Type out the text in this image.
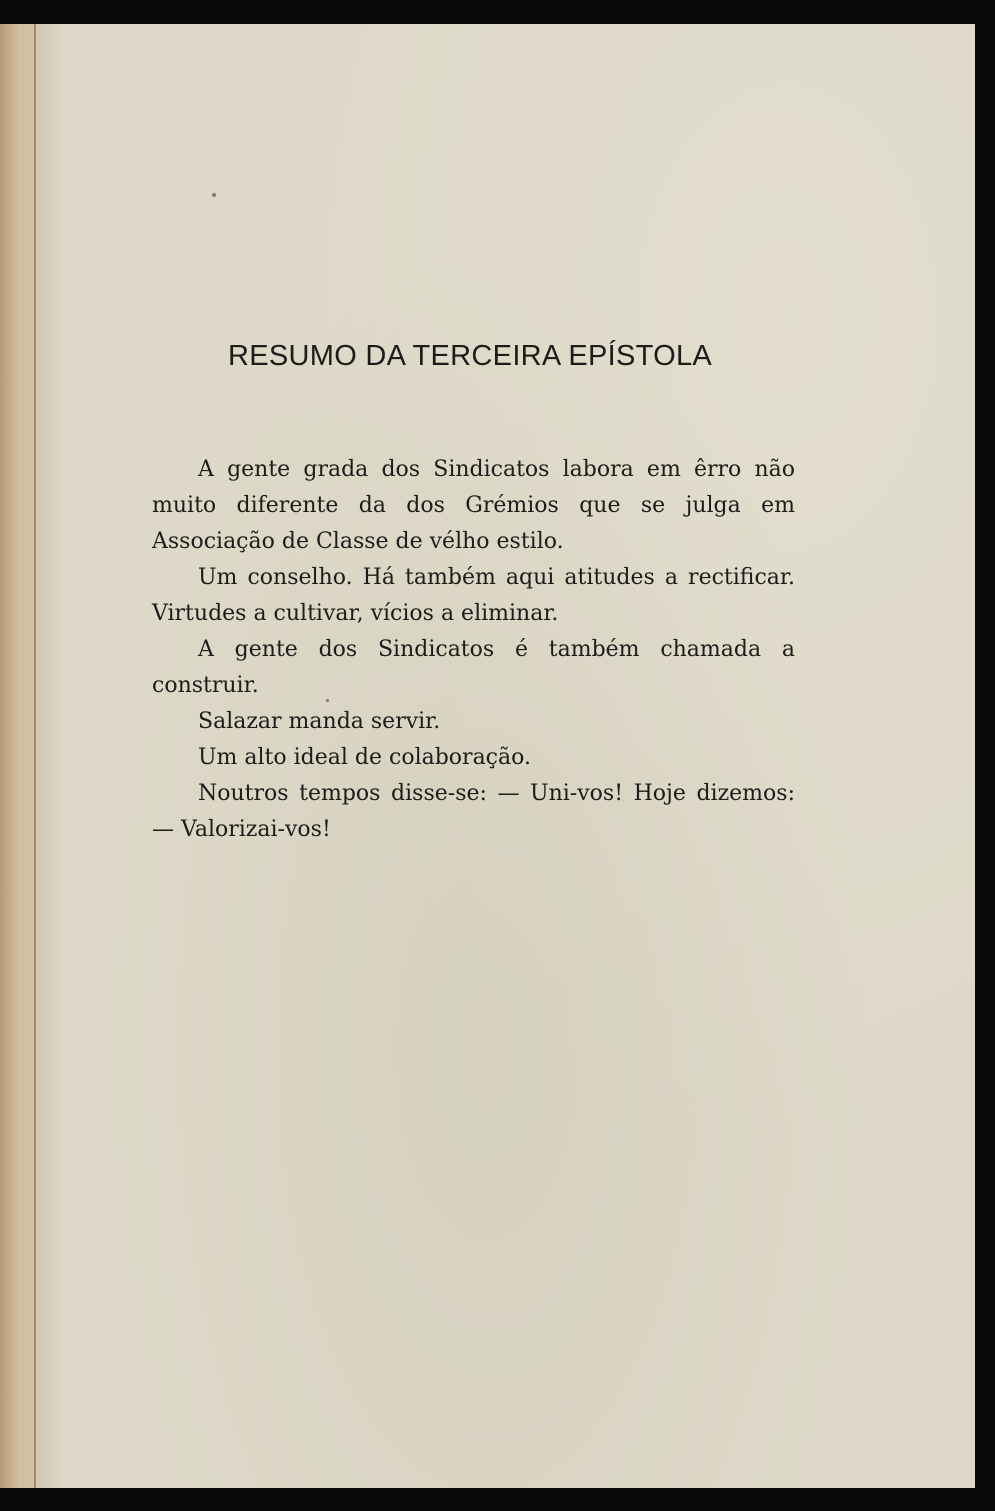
RESUMO DA TERCEIRA EPÍSTOLA

A gente grada dos Sindicatos labora em êrro não muito diferente da dos Grémios que se julga em Associação de Classe de vélho estilo.

Um conselho. Há também aqui atitudes a rectificar. Virtudes a cultivar, vícios a eliminar.

A gente dos Sindicatos é também chamada a construir.

Salazar manda servir.

Um alto ideal de colaboração.

Noutros tempos disse-se: — Uni-vos! Hoje dizemos: — Valorizai-vos!
